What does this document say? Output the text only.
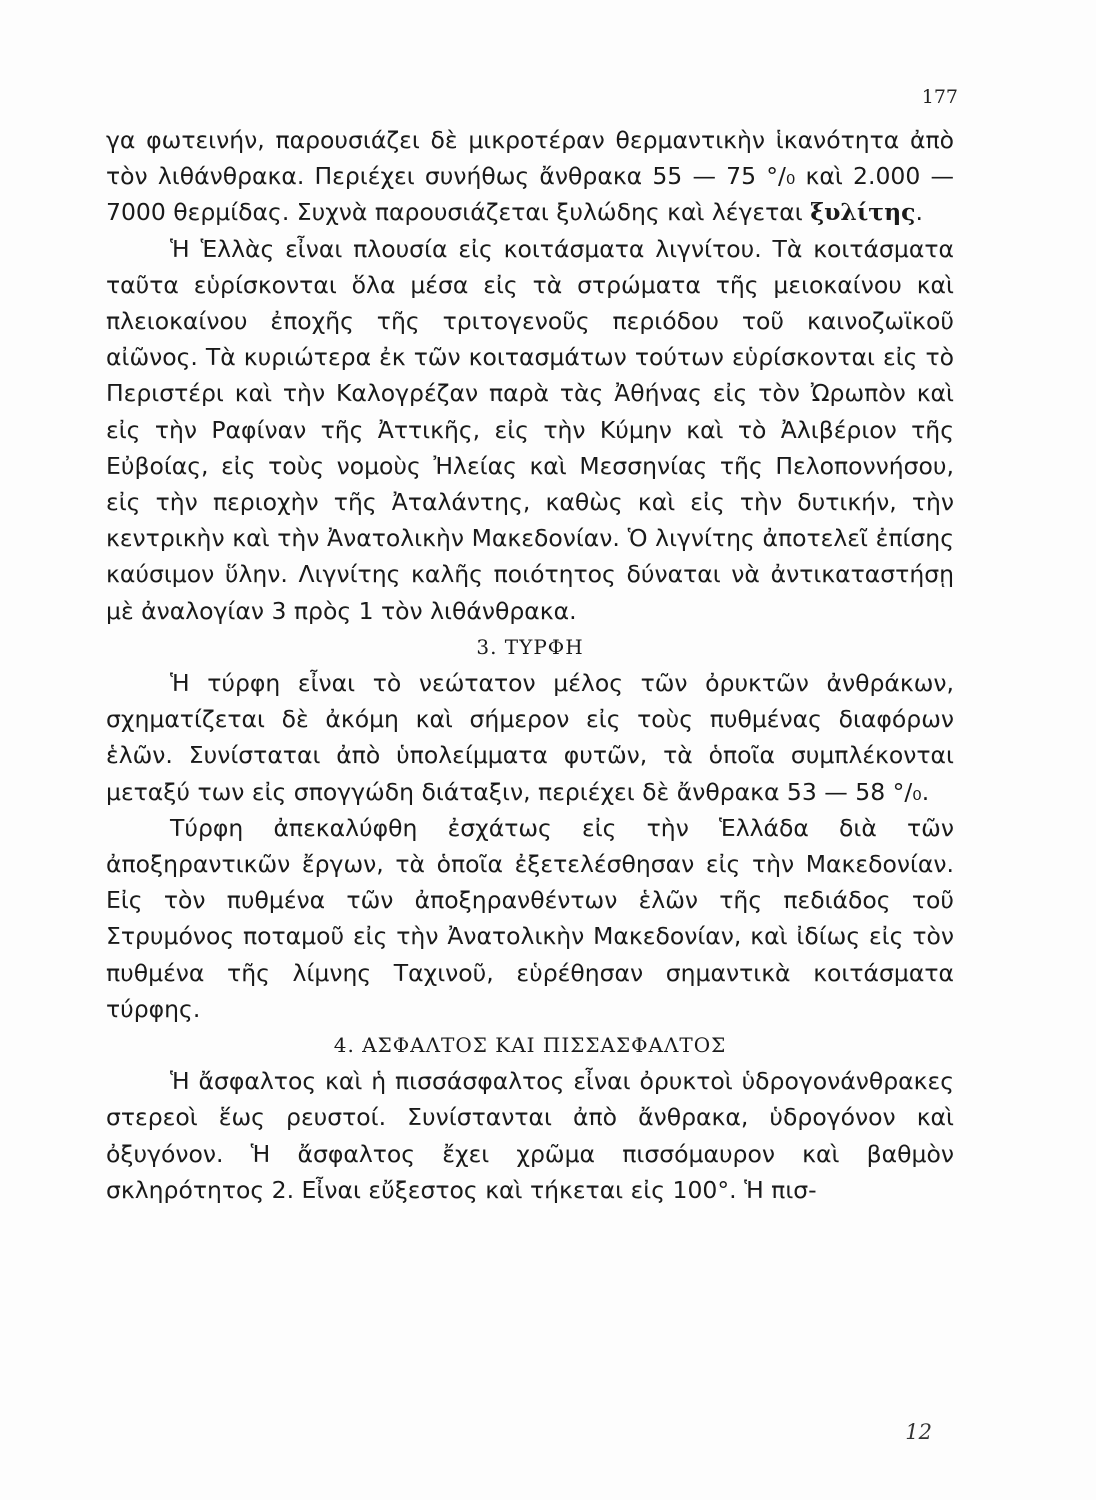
177

γα φωτεινήν, παρουσιάζει δὲ μικροτέραν θερμαντικὴν ἱκανότητα ἀπὸ τὸν λιθάνθρακα. Περιέχει συνήθως ἄνθρακα 55 — 75 °/₀ καὶ 2.000 — 7000 θερμίδας. Συχνὰ παρουσιάζεται ξυλώδης καὶ λέγεται ξυλίτης.

Ἡ Ἑλλὰς εἶναι πλουσία εἰς κοιτάσματα λιγνίτου. Τὰ κοιτάσματα ταῦτα εὑρίσκονται ὅλα μέσα εἰς τὰ στρώματα τῆς μειοκαίνου καὶ πλειοκαίνου ἐποχῆς τῆς τριτογενοῦς περιόδου τοῦ καινοζωϊκοῦ αἰῶνος. Τὰ κυριώτερα ἐκ τῶν κοιτασμάτων τούτων εὑρίσκονται εἰς τὸ Περιστέρι καὶ τὴν Καλογρέζαν παρὰ τὰς Ἀθήνας εἰς τὸν Ὠρωπὸν καὶ εἰς τὴν Ραφίναν τῆς Ἀττικῆς, εἰς τὴν Κύμην καὶ τὸ Ἀλιβέριον τῆς Εὐβοίας, εἰς τοὺς νομοὺς Ἠλείας καὶ Μεσσηνίας τῆς Πελοποννήσου, εἰς τὴν περιοχὴν τῆς Ἀταλάντης, καθὼς καὶ εἰς τὴν δυτικήν, τὴν κεντρικὴν καὶ τὴν Ἀνατολικὴν Μακεδονίαν. Ὁ λιγνίτης ἀποτελεῖ ἐπίσης καύσιμον ὕλην. Λιγνίτης καλῆς ποιότητος δύναται νὰ ἀντικαταστήσῃ μὲ ἀναλογίαν 3 πρὸς 1 τὸν λιθάνθρακα.

3. ΤΥΡΦΗ

Ἡ τύρφη εἶναι τὸ νεώτατον μέλος τῶν ὀρυκτῶν ἀνθράκων, σχηματίζεται δὲ ἀκόμη καὶ σήμερον εἰς τοὺς πυθμένας διαφόρων ἑλῶν. Συνίσταται ἀπὸ ὑπολείμματα φυτῶν, τὰ ὁποῖα συμπλέκονται μεταξύ των εἰς σπογγώδη διάταξιν, περιέχει δὲ ἄνθρακα 53 — 58 °/₀.

Τύρφη ἀπεκαλύφθη ἐσχάτως εἰς τὴν Ἑλλάδα διὰ τῶν ἀποξηραντικῶν ἔργων, τὰ ὁποῖα ἐξετελέσθησαν εἰς τὴν Μακεδονίαν. Εἰς τὸν πυθμένα τῶν ἀποξηρανθέντων ἑλῶν τῆς πεδιάδος τοῦ Στρυμόνος ποταμοῦ εἰς τὴν Ἀνατολικὴν Μακεδονίαν, καὶ ἰδίως εἰς τὸν πυθμένα τῆς λίμνης Ταχινοῦ, εὑρέθησαν σημαντικὰ κοιτάσματα τύρφης.

4. ΑΣΦΑΛΤΟΣ ΚΑΙ ΠΙΣΣΑΣΦΑΛΤΟΣ

Ἡ ἄσφαλτος καὶ ἡ πισσάσφαλτος εἶναι ὀρυκτοὶ ὑδρογονάνθρακες στερεοὶ ἕως ρευστοί. Συνίστανται ἀπὸ ἄνθρακα, ὑδρογόνον καὶ ὀξυγόνον. Ἡ ἄσφαλτος ἔχει χρῶμα πισσόμαυρον καὶ βαθμὸν σκληρότητος 2. Εἶναι εὔξεστος καὶ τήκεται εἰς 100°. Ἡ πισ-

12
